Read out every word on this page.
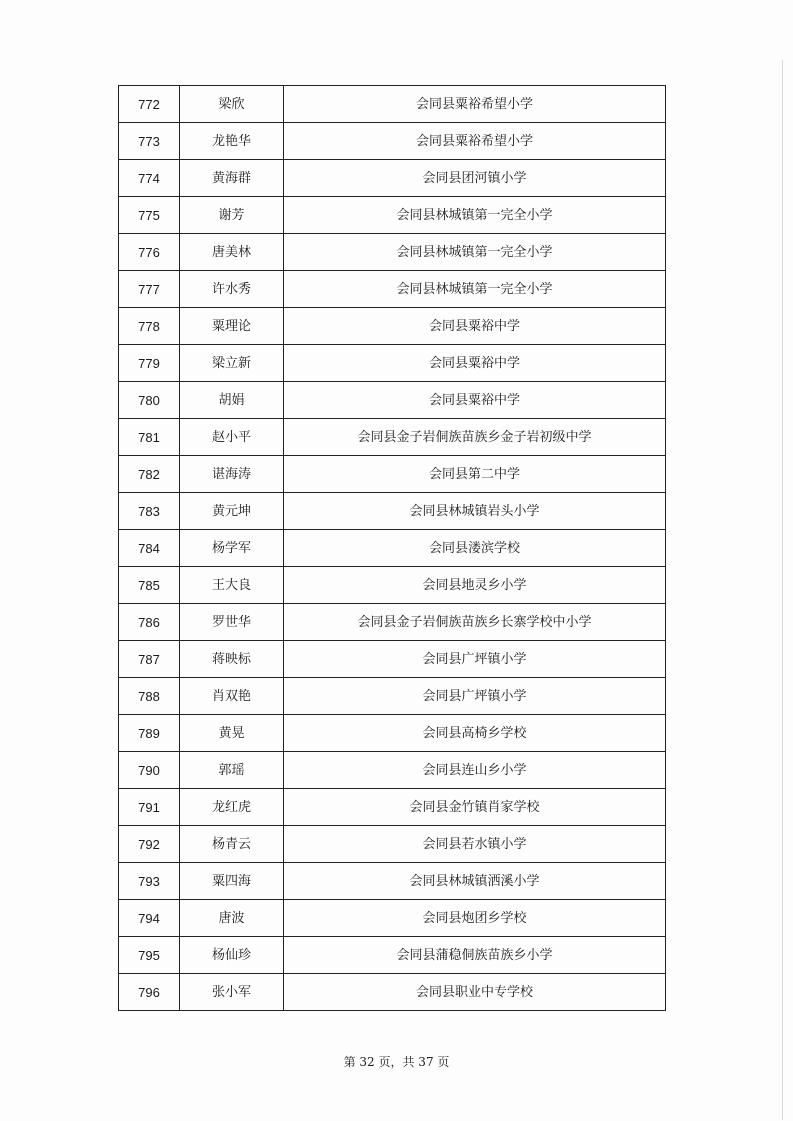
772	梁欣	会同县粟裕希望小学
773	龙艳华	会同县粟裕希望小学
774	黄海群	会同县团河镇小学
775	谢芳	会同县林城镇第一完全小学
776	唐美林	会同县林城镇第一完全小学
777	许水秀	会同县林城镇第一完全小学
778	粟理论	会同县粟裕中学
779	梁立新	会同县粟裕中学
780	胡娟	会同县粟裕中学
781	赵小平	会同县金子岩侗族苗族乡金子岩初级中学
782	谌海涛	会同县第二中学
783	黄元坤	会同县林城镇岩头小学
784	杨学军	会同县溇滨学校
785	王大良	会同县地灵乡小学
786	罗世华	会同县金子岩侗族苗族乡长寨学校中小学
787	蒋映标	会同县广坪镇小学
788	肖双艳	会同县广坪镇小学
789	黄晃	会同县高椅乡学校
790	郭瑶	会同县连山乡小学
791	龙红虎	会同县金竹镇肖家学校
792	杨青云	会同县若水镇小学
793	粟四海	会同县林城镇洒溪小学
794	唐波	会同县炮团乡学校
795	杨仙珍	会同县蒲稳侗族苗族乡小学
796	张小军	会同县职业中专学校
第 32 页，共 37 页
